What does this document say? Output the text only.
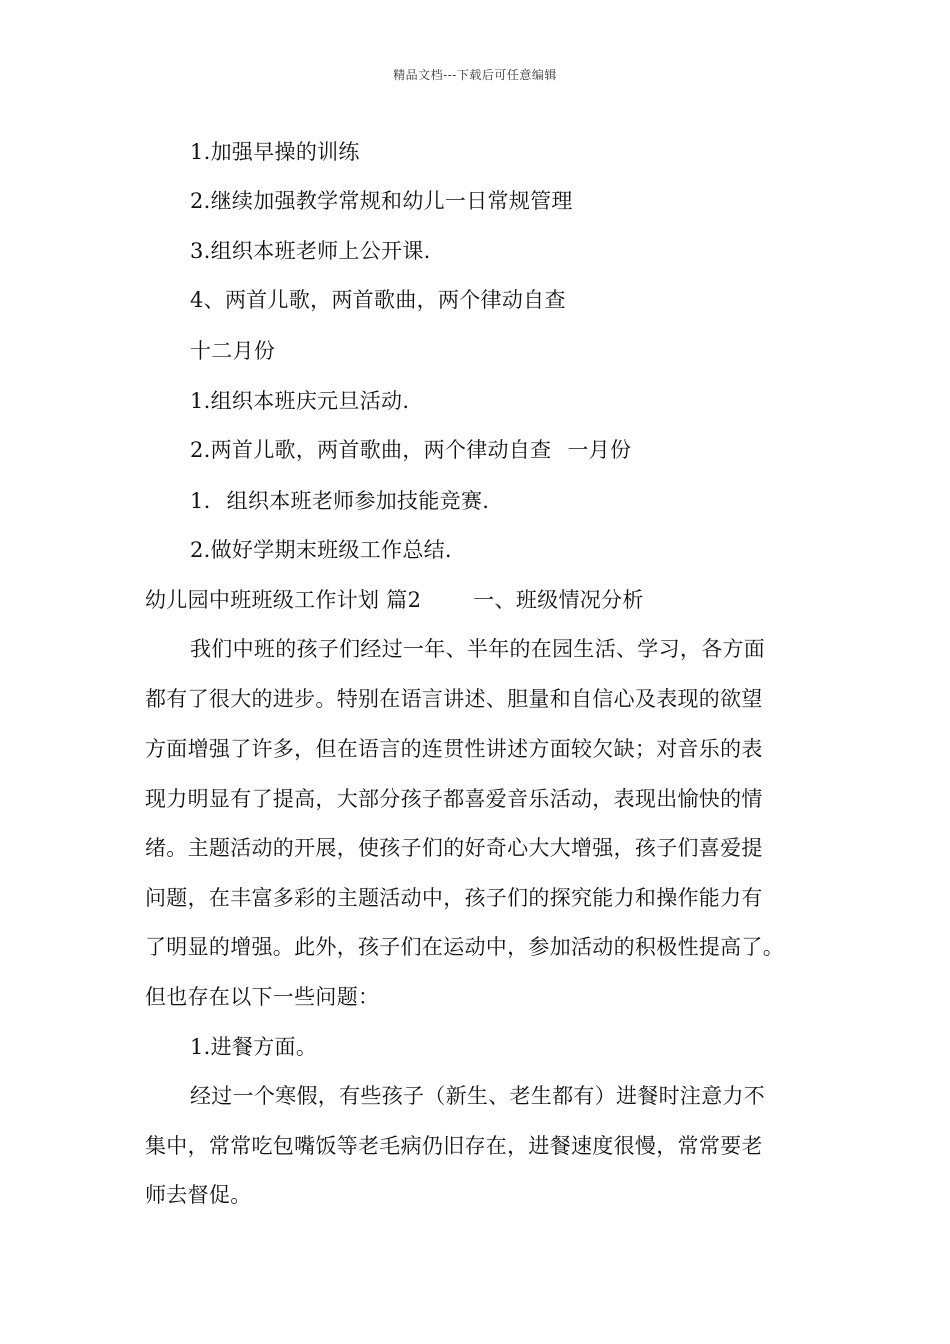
精品文档---下载后可任意编辑
1.加强早操的训练
2.继续加强教学常规和幼儿一日常规管理
3.组织本班老师上公开课.
4、两首儿歌，两首歌曲，两个律动自查
十二月份
1.组织本班庆元旦活动.
2.两首儿歌，两首歌曲，两个律动自查 一月份
1. 组织本班老师参加技能竞赛.
2.做好学期末班级工作总结.
幼儿园中班班级工作计划 篇2 一、班级情况分析
我们中班的孩子们经过一年、半年的在园生活、学习，各方面
都有了很大的进步。特别在语言讲述、胆量和自信心及表现的欲望
方面增强了许多，但在语言的连贯性讲述方面较欠缺；对音乐的表
现力明显有了提高，大部分孩子都喜爱音乐活动，表现出愉快的情
绪。主题活动的开展，使孩子们的好奇心大大增强，孩子们喜爱提
问题，在丰富多彩的主题活动中，孩子们的探究能力和操作能力有
了明显的增强。此外，孩子们在运动中，参加活动的积极性提高了。
但也存在以下一些问题：
1.进餐方面。
经过一个寒假，有些孩子（新生、老生都有）进餐时注意力不
集中，常常吃包嘴饭等老毛病仍旧存在，进餐速度很慢，常常要老
师去督促。
